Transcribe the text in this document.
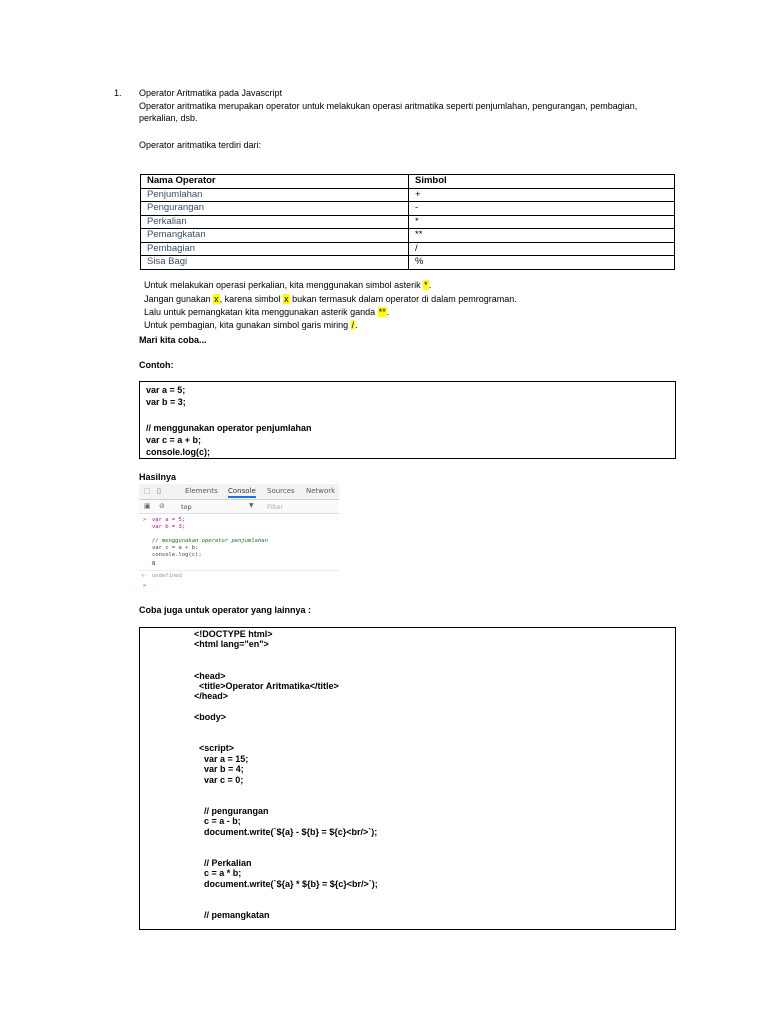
1. Operator Aritmatika pada Javascript
Operator aritmatika merupakan operator untuk melakukan operasi aritmatika seperti penjumlahan, pengurangan, pembagian,
perkalian, dsb.
Operator aritmatika terdiri dari:
Nama Operator	Simbol
Penjumlahan	+
Pengurangan	-
Perkalian	*
Pemangkatan	**
Pembagian	/
Sisa Bagi	%

Untuk melakukan operasi perkalian, kita menggunakan simbol asterik *.

Jangan gunakan x, karena simbol x bukan termasuk dalam operator di dalam pemrograman.

Lalu untuk pemangkatan kita menggunakan asterik ganda **.

Untuk pembagian, kita gunakan simbol garis miring /.

Mari kita coba...
Contoh:
var a = 5;
var b = 3;
// menggunakan operator penjumlahan
var c = a + b;
console.log(c);
Hasilnya
⬚ ▯	Elements Console Sources Network
▣ ⊘ top	▼ Filter
> var a = 5;
var b = 3;
// menggunakan operator penjumlahan
var c = a + b;
console.log(c);
8
<· undefined
>
Coba juga untuk operator yang lainnya :
<!DOCTYPE html>
<html lang="en">
<head>
<title>Operator Aritmatika</title>
</head>
<body>
<script>
var a = 15;
var b = 4;
var c = 0;
// pengurangan
c = a - b;
document.write(`${a} - ${b} = ${c}<br/>`);
// Perkalian
c = a * b;
document.write(`${a} * ${b} = ${c}<br/>`);
// pemangkatan
